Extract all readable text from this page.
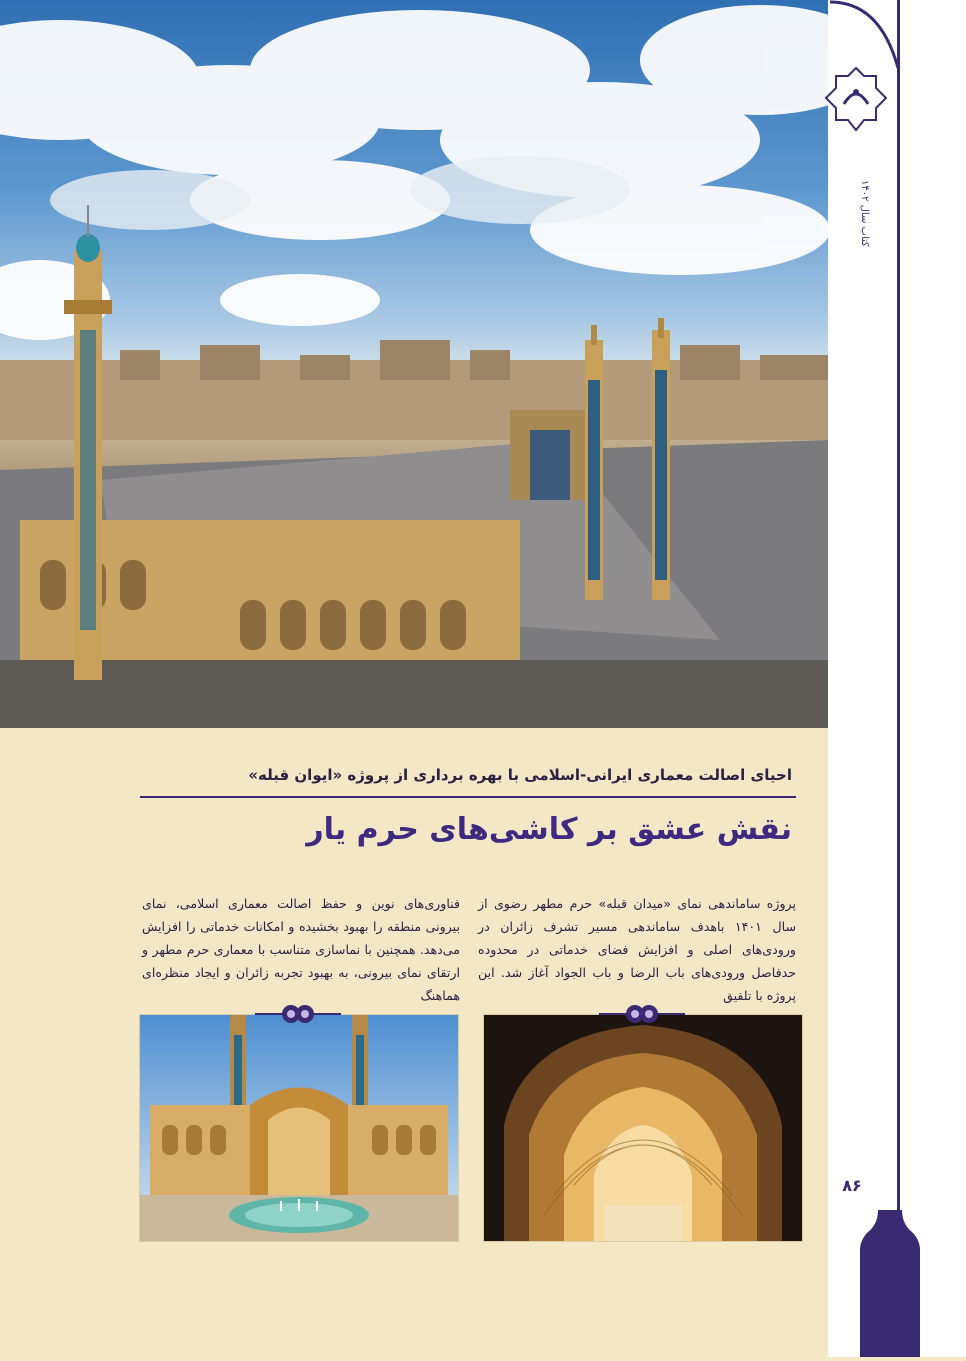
کتاب سال ۱۴۰۲
۸۶
احیای اصالت معماری ایرانی-اسلامی با بهره برداری از پروژه «ایوان قبله»
نقش عشق بر کاشی‌های حرم یار
پروژه ساماندهی نمای «میدان قبله» حرم مطهر رضوی از سال ۱۴۰۱ باهدف ساماندهی مسیر تشرف زائران در ورودی‌های اصلی و افزایش فضای خدماتی در محدوده حدفاصل ورودی‌های باب الرضا و باب الجواد آغاز شد. این پروژه با تلفیق
فناوری‌های نوین و حفظ اصالت معماری اسلامی، نمای بیرونی منطقه را بهبود بخشیده و امکانات خدماتی را افزایش می‌دهد. همچنین با نماسازی متناسب با معماری حرم مطهر و ارتقای نمای بیرونی، به بهبود تجربه زائران و ایجاد منظره‌ای هماهنگ
